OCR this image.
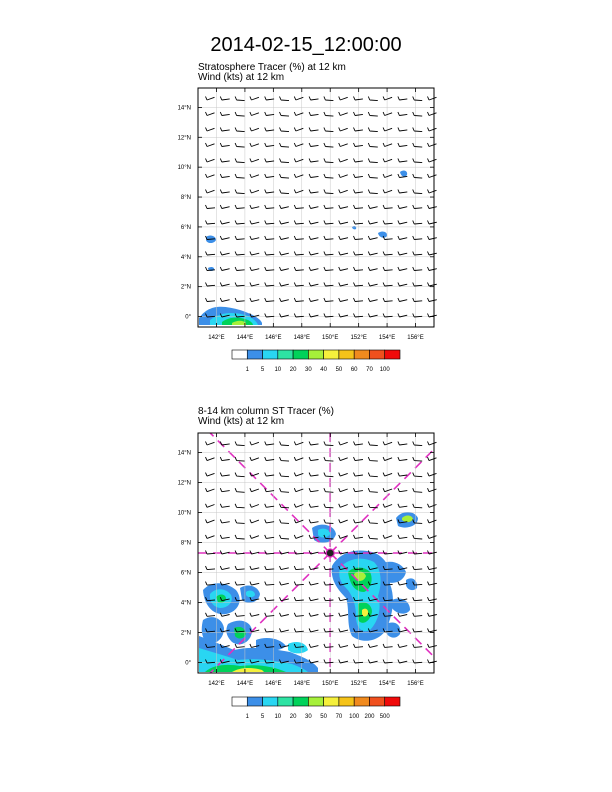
2014-02-15_12:00:00
Stratosphere Tracer (%) at 12 km
Wind (kts) at 12 km
142°E 144°E 146°E 148°E 150°E 152°E 154°E 156°E
0°
2°N
4°N
6°N
8°N
10°N
12°N
14°N
1 5 10 20 30 40 50 60 70 100
8-14 km column ST Tracer (%)
Wind (kts) at 12 km
142°E 144°E 146°E 148°E 150°E 152°E 154°E 156°E
0°
2°N
4°N
6°N
8°N
10°N
12°N
14°N
1 5 10 20 30 50 70 100 200 500
